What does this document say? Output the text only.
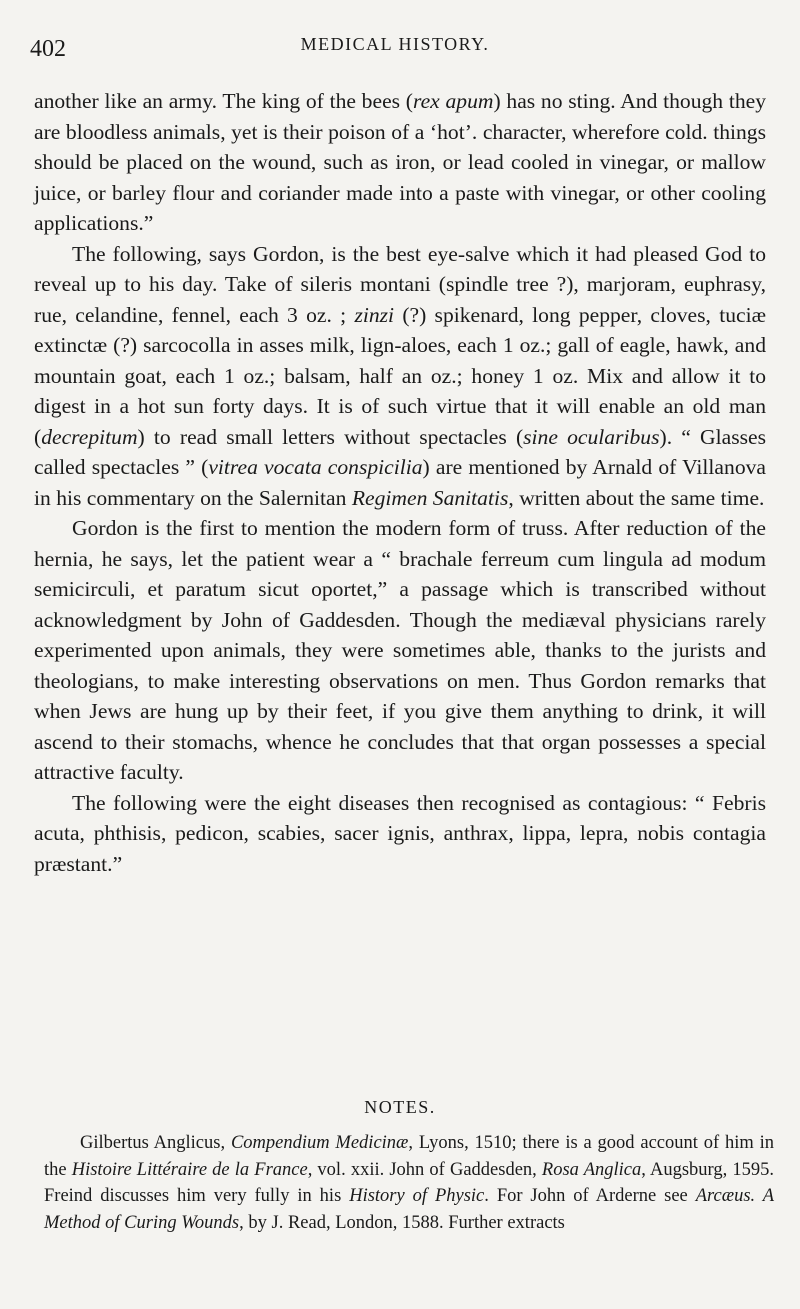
402	MEDICAL HISTORY.

another like an army. The king of the bees (rex apum) has no sting. And though they are bloodless animals, yet is their poison of a ‘hot’. character, wherefore cold. things should be placed on the wound, such as iron, or lead cooled in vinegar, or mallow juice, or barley flour and coriander made into a paste with vinegar, or other cooling applications.”

The following, says Gordon, is the best eye-salve which it had pleased God to reveal up to his day. Take of sileris montani (spindle tree ?), marjoram, euphrasy, rue, celandine, fennel, each 3 oz. ; zinzi (?) spikenard, long pepper, cloves, tuciæ extinctæ (?) sarcocolla in asses milk, lign-aloes, each 1 oz.; gall of eagle, hawk, and mountain goat, each 1 oz.; balsam, half an oz.; honey 1 oz. Mix and allow it to digest in a hot sun forty days. It is of such virtue that it will enable an old man (decrepitum) to read small letters without spectacles (sine ocularibus). “ Glasses called spectacles ” (vitrea vocata conspicilia) are mentioned by Arnald of Villanova in his commentary on the Salernitan Regimen Sanitatis, written about the same time.

Gordon is the first to mention the modern form of truss. After reduction of the hernia, he says, let the patient wear a “ brachale ferreum cum lingula ad modum semicirculi, et paratum sicut oportet,” a passage which is transcribed without acknowledgment by John of Gaddesden. Though the mediæval physicians rarely experimented upon animals, they were sometimes able, thanks to the jurists and theologians, to make interesting observations on men. Thus Gordon remarks that when Jews are hung up by their feet, if you give them anything to drink, it will ascend to their stomachs, whence he concludes that that organ possesses a special attractive faculty.

The following were the eight diseases then recognised as contagious: “ Febris acuta, phthisis, pedicon, scabies, sacer ignis, anthrax, lippa, lepra, nobis contagia præstant.”

NOTES.

Gilbertus Anglicus, Compendium Medicinæ, Lyons, 1510; there is a good account of him in the Histoire Littéraire de la France, vol. xxii. John of Gaddesden, Rosa Anglica, Augsburg, 1595. Freind discusses him very fully in his History of Physic. For John of Arderne see Arcæus. A Method of Curing Wounds, by J. Read, London, 1588. Further extracts
